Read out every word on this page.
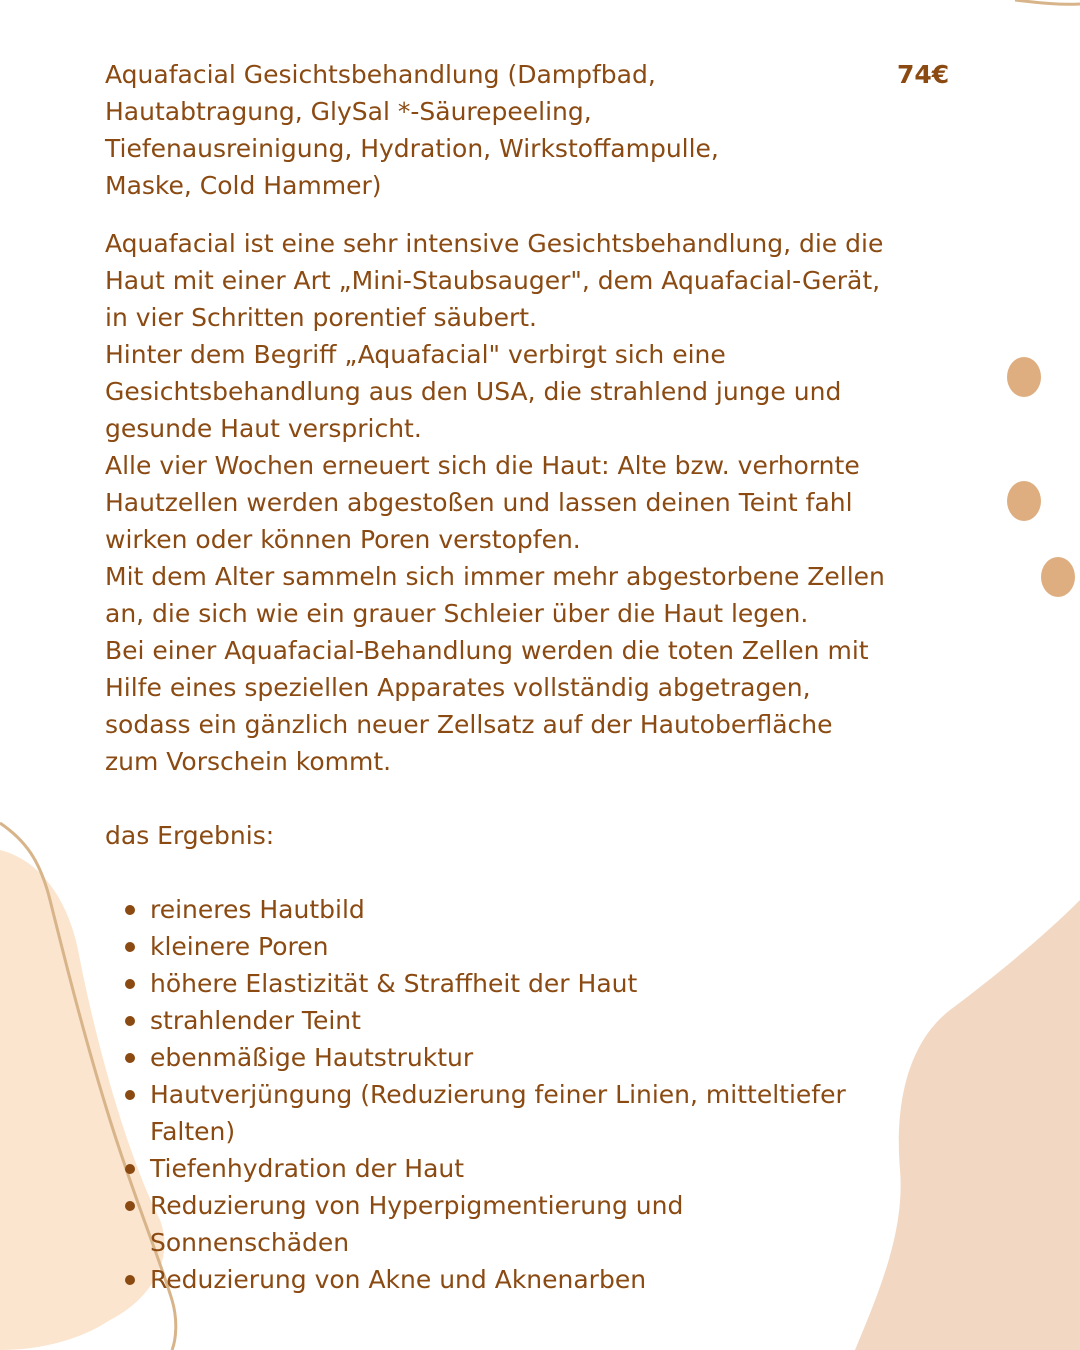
74€
Aquafacial Gesichtsbehandlung (Dampfbad,
Hautabtragung, GlySal *-Säurepeeling,
Tiefenausreinigung, Hydration, Wirkstoffampulle,
Maske, Cold Hammer)
Aquafacial ist eine sehr intensive Gesichtsbehandlung, die die
Haut mit einer Art „Mini-Staubsauger", dem Aquafacial-Gerät,
in vier Schritten porentief säubert.
Hinter dem Begriff „Aquafacial" verbirgt sich eine
Gesichtsbehandlung aus den USA, die strahlend junge und
gesunde Haut verspricht.
Alle vier Wochen erneuert sich die Haut: Alte bzw. verhornte
Hautzellen werden abgestoßen und lassen deinen Teint fahl
wirken oder können Poren verstopfen.
Mit dem Alter sammeln sich immer mehr abgestorbene Zellen
an, die sich wie ein grauer Schleier über die Haut legen.
Bei einer Aquafacial-Behandlung werden die toten Zellen mit
Hilfe eines speziellen Apparates vollständig abgetragen,
sodass ein gänzlich neuer Zellsatz auf der Hautoberfläche
zum Vorschein kommt.
das Ergebnis:
reineres Hautbild
kleinere Poren
höhere Elastizität & Straffheit der Haut
strahlender Teint
ebenmäßige Hautstruktur
Hautverjüngung (Reduzierung feiner Linien, mitteltiefer
Falten)
Tiefenhydration der Haut
Reduzierung von Hyperpigmentierung und
Sonnenschäden
Reduzierung von Akne und Aknenarben
